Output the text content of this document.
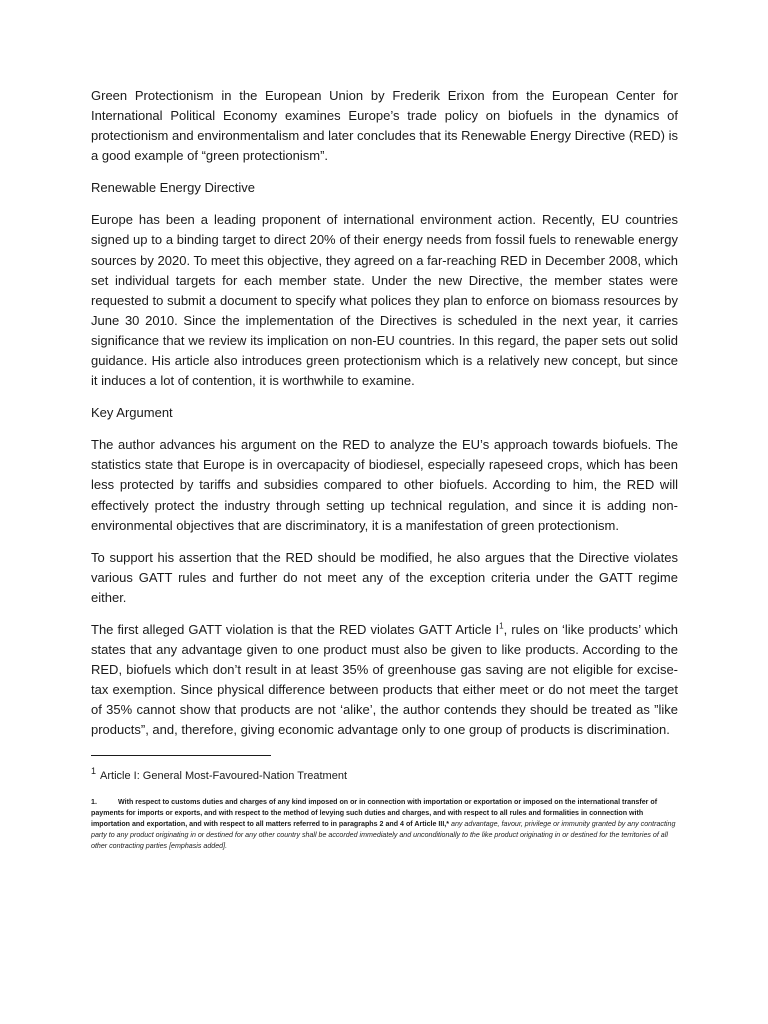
Green Protectionism in the European Union by Frederik Erixon from the European Center for International Political Economy examines Europe’s trade policy on biofuels in the dynamics of protectionism and environmentalism and later concludes that its Renewable Energy Directive (RED) is a good example of “green protectionism”.

Renewable Energy Directive

Europe has been a leading proponent of international environment action. Recently, EU countries signed up to a binding target to direct 20% of their energy needs from fossil fuels to renewable energy sources by 2020. To meet this objective, they agreed on a far-reaching RED in December 2008, which set individual targets for each member state. Under the new Directive, the member states were requested to submit a document to specify what polices they plan to enforce on biomass resources by June 30 2010. Since the implementation of the Directives is scheduled in the next year, it carries significance that we review its implication on non-EU countries. In this regard, the paper sets out solid guidance. His article also introduces green protectionism which is a relatively new concept, but since it induces a lot of contention, it is worthwhile to examine.

Key Argument

The author advances his argument on the RED to analyze the EU’s approach towards biofuels. The statistics state that Europe is in overcapacity of biodiesel, especially rapeseed crops, which has been less protected by tariffs and subsidies compared to other biofuels. According to him, the RED will effectively protect the industry through setting up technical regulation, and since it is adding non-environmental objectives that are discriminatory, it is a manifestation of green protectionism.

To support his assertion that the RED should be modified, he also argues that the Directive violates various GATT rules and further do not meet any of the exception criteria under the GATT regime either.

The first alleged GATT violation is that the RED violates GATT Article $I^1$, rules on ‘like products’ which states that any advantage given to one product must also be given to like products. According to the RED, biofuels which don’t result in at least 35% of greenhouse gas saving are not eligible for excise-tax exemption. Since physical difference between products that either meet or do not meet the target of 35% cannot show that products are not ‘alike’, the author contends they should be treated as ”like products”, and, therefore, giving economic advantage only to one group of products is discrimination.

$^1$ Article I: General Most-Favoured-Nation Treatment
1.	With respect to customs duties and charges of any kind imposed on or in connection with importation or exportation or imposed on the international transfer of payments for imports or exports, and with respect to the method of levying such duties and charges, and with respect to all rules and formalities in connection with importation and exportation, and with respect to all matters referred to in paragraphs 2 and 4 of Article III,* any advantage, favour, privilege or immunity granted by any contracting party to any product originating in or destined for any other country shall be accorded immediately and unconditionally to the like product originating in or destined for the territories of all other contracting parties [emphasis added].
